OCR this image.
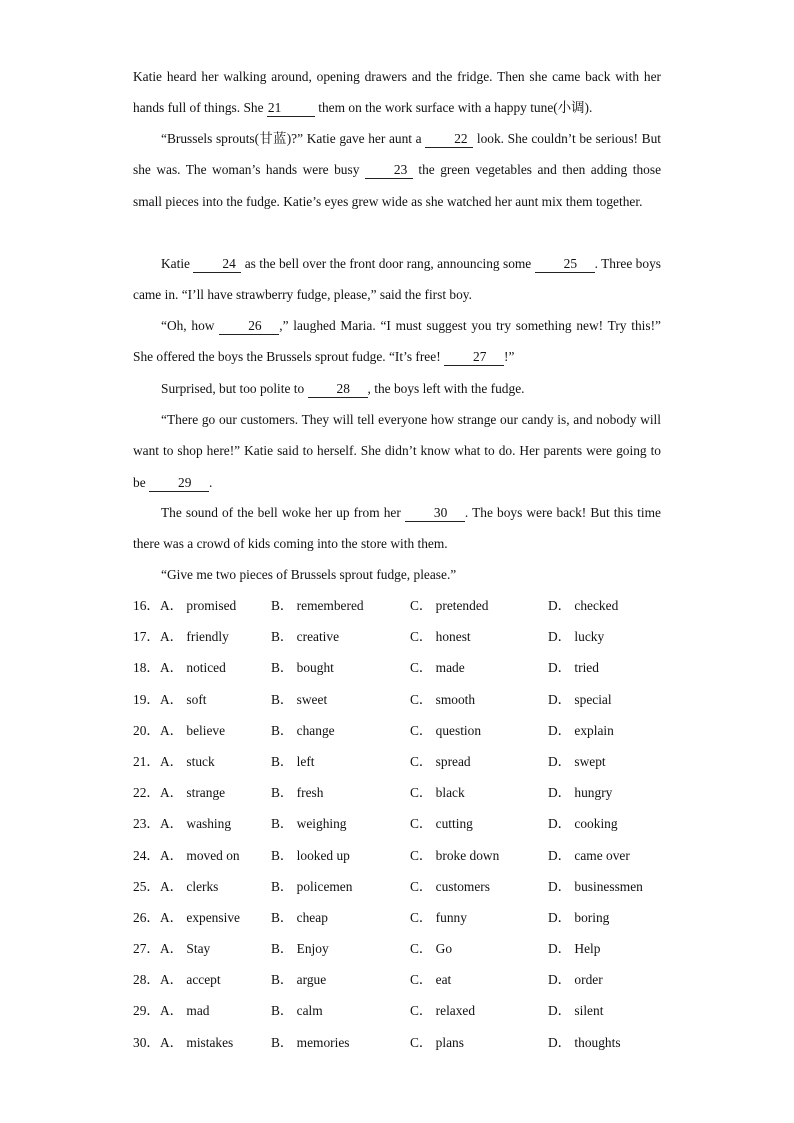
Katie heard her walking around, opening drawers and the fridge. Then she came back with her hands full of things. She 21	them on the work surface with a happy tune(小调).

“Brussels sprouts(甘蓝)?” Katie gave her aunt a 22 look. She couldn’t be serious! But she was. The woman’s hands were busy 23 the green vegetables and then adding those small pieces into the fudge. Katie’s eyes grew wide as she watched her aunt mix them together.

Katie 24 as the bell over the front door rang, announcing some 25 . Three boys came in. “I’ll have strawberry fudge, please,” said the first boy.

“Oh, how 26 ,” laughed Maria. “I must suggest you try something new! Try this!” She offered the boys the Brussels sprout fudge. “It’s free! 27 !”

Surprised, but too polite to 28 , the boys left with the fudge.

“There go our customers. They will tell everyone how strange our candy is, and nobody will want to shop here!” Katie said to herself. She didn’t know what to do. Her parents were going to be 29 .

The sound of the bell woke her up from her 30 . The boys were back! But this time there was a crowd of kids coming into the store with them.

“Give me two pieces of Brussels sprout fudge, please.”

16． A． promised	B． remembered	C． pretended	D． checked
17． A． friendly	B． creative	C． honest	D． lucky
18． A． noticed	B． bought	C． made	D． tried
19． A． soft	B． sweet	C． smooth	D． special
20． A． believe	B． change	C． question	D． explain
21． A． stuck	B． left	C． spread	D． swept
22． A． strange	B． fresh	C． black	D． hungry
23． A． washing	B． weighing	C． cutting	D． cooking
24． A． moved on B． looked up	C． broke down	D． came over
25． A． clerks	B． policemen	C． customers	D． businessmen
26． A． expensive B． cheap	C． funny	D． boring
27． A． Stay	B． Enjoy	C． Go	D． Help
28． A． accept	B． argue	C． eat	D． order
29． A． mad	B． calm	C． relaxed	D． silent
30． A． mistakes	B． memories	C． plans	D． thoughts
